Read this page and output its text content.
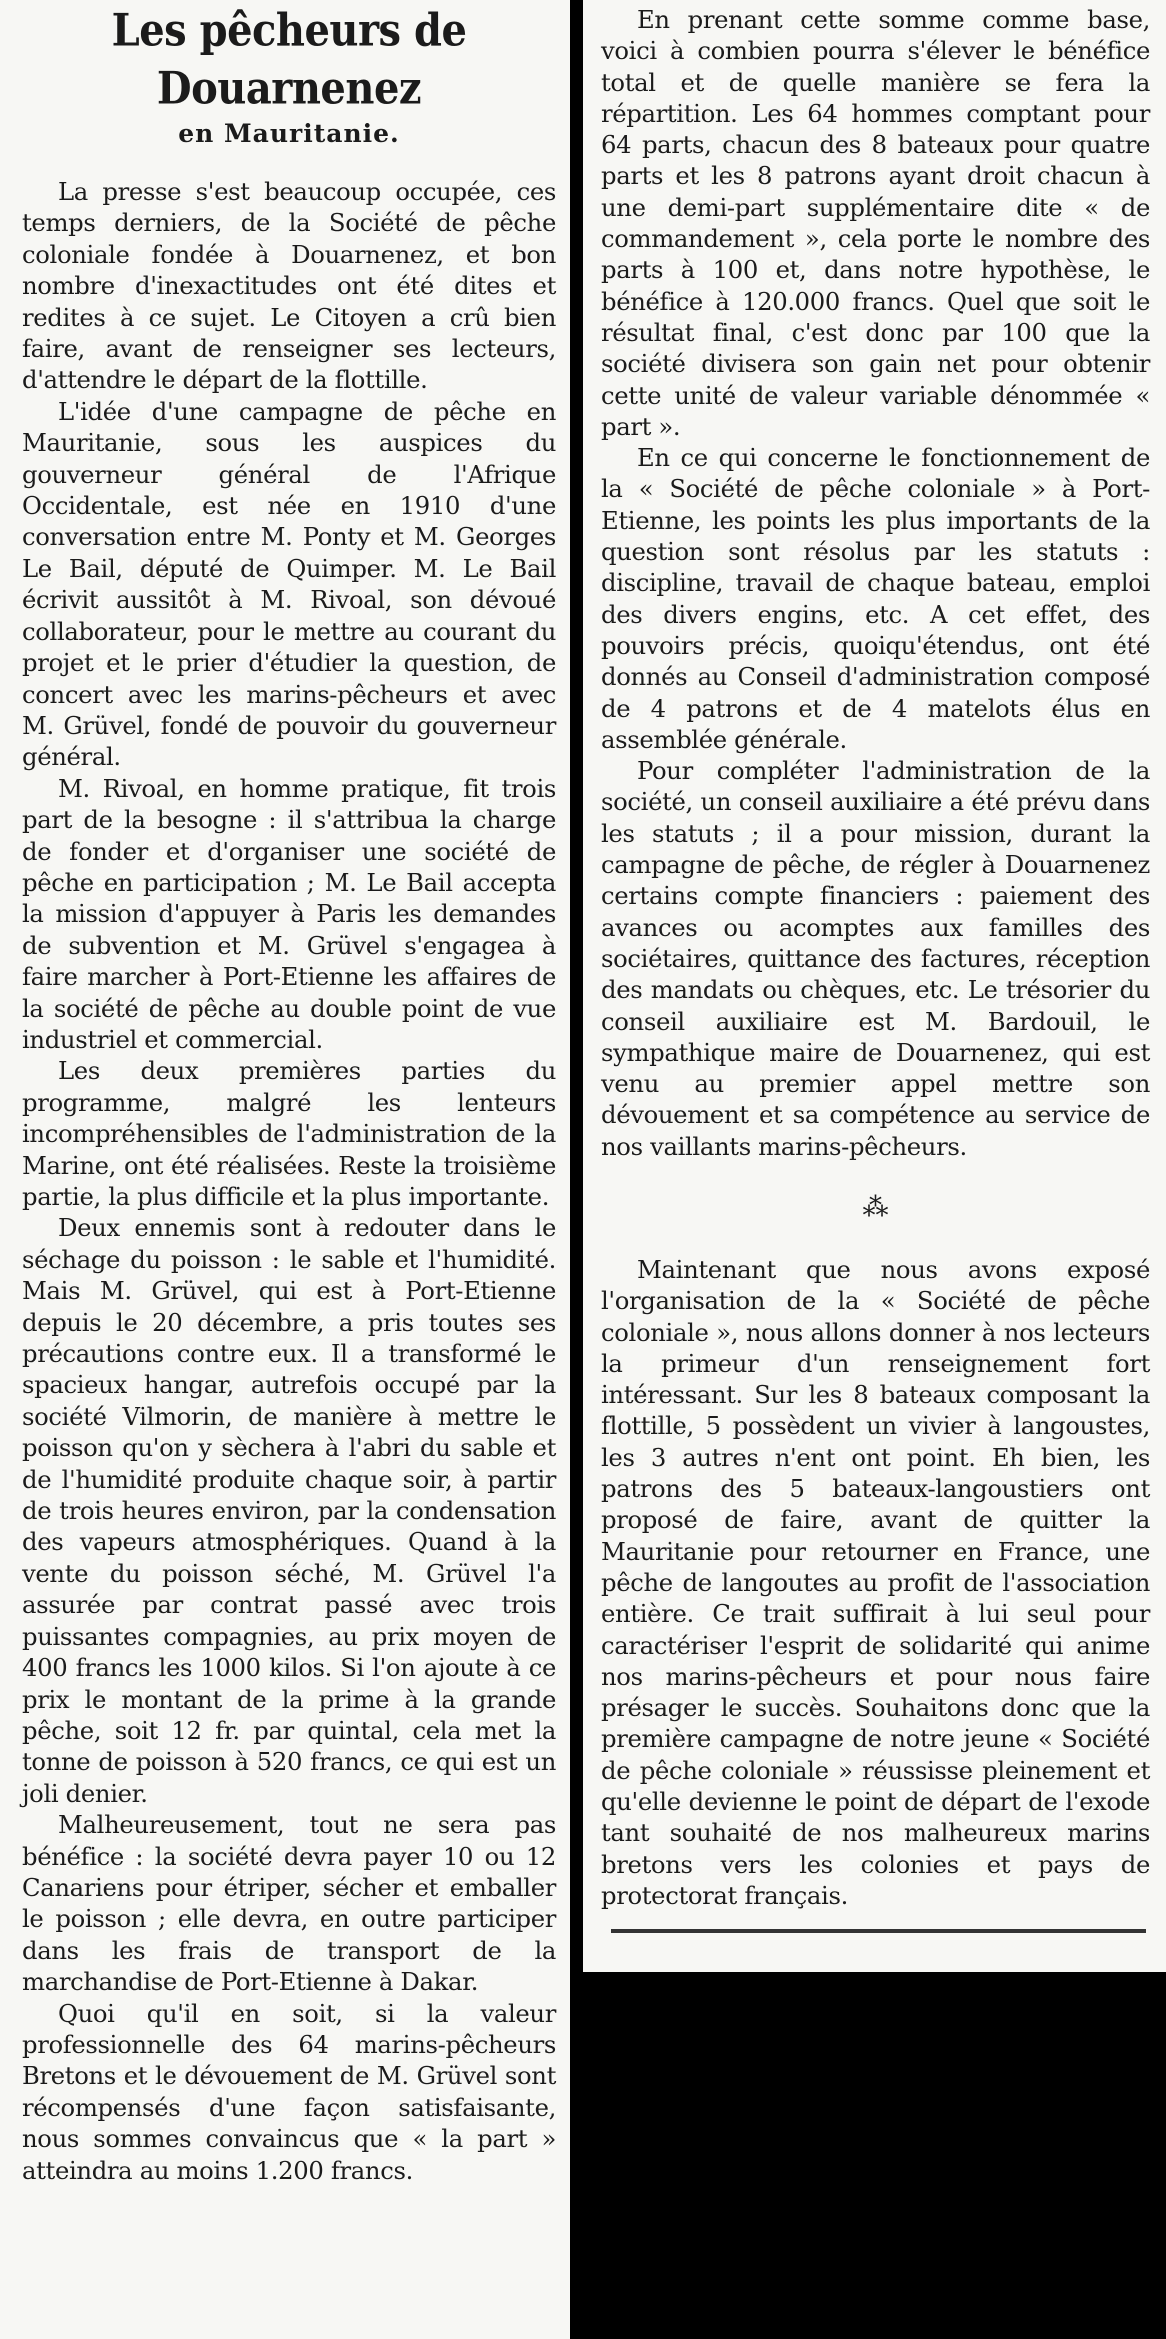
Les pêcheurs de Douarnenez
en Mauritanie.

La presse s'est beaucoup occupée, ces temps derniers, de la Société de pêche coloniale fondée à Douarnenez, et bon nombre d'inexactitudes ont été dites et redites à ce sujet. Le Citoyen a crû bien faire, avant de renseigner ses lecteurs, d'attendre le départ de la flottille.

L'idée d'une campagne de pêche en Mauritanie, sous les auspices du gouverneur général de l'Afrique Occidentale, est née en 1910 d'une conversation entre M. Ponty et M. Georges Le Bail, député de Quimper. M. Le Bail écrivit aussitôt à M. Rivoal, son dévoué collaborateur, pour le mettre au courant du projet et le prier d'étudier la question, de concert avec les marins-pêcheurs et avec M. Grüvel, fondé de pouvoir du gouverneur général.

M. Rivoal, en homme pratique, fit trois part de la besogne : il s'attribua la charge de fonder et d'organiser une société de pêche en participation ; M. Le Bail accepta la mission d'appuyer à Paris les demandes de subvention et M. Grüvel s'engagea à faire marcher à Port-Etienne les affaires de la société de pêche au double point de vue industriel et commercial.

Les deux premières parties du programme, malgré les lenteurs incompréhensibles de l'administration de la Marine, ont été réalisées. Reste la troisième partie, la plus difficile et la plus importante.

Deux ennemis sont à redouter dans le séchage du poisson : le sable et l'humidité. Mais M. Grüvel, qui est à Port-Etienne depuis le 20 décembre, a pris toutes ses précautions contre eux. Il a transformé le spacieux hangar, autrefois occupé par la société Vilmorin, de manière à mettre le poisson qu'on y sèchera à l'abri du sable et de l'humidité produite chaque soir, à partir de trois heures environ, par la condensation des vapeurs atmosphériques. Quand à la vente du poisson séché, M. Grüvel l'a assurée par contrat passé avec trois puissantes compagnies, au prix moyen de 400 francs les 1000 kilos. Si l'on ajoute à ce prix le montant de la prime à la grande pêche, soit 12 fr. par quintal, cela met la tonne de poisson à 520 francs, ce qui est un joli denier.

Malheureusement, tout ne sera pas bénéfice : la société devra payer 10 ou 12 Canariens pour étriper, sécher et emballer le poisson ; elle devra, en outre participer dans les frais de transport de la marchandise de Port-Etienne à Dakar.

Quoi qu'il en soit, si la valeur professionnelle des 64 marins-pêcheurs Bretons et le dévouement de M. Grüvel sont récompensés d'une façon satisfaisante, nous sommes convaincus que « la part » atteindra au moins 1.200 francs.

En prenant cette somme comme base, voici à combien pourra s'élever le bénéfice total et de quelle manière se fera la répartition. Les 64 hommes comptant pour 64 parts, chacun des 8 bateaux pour quatre parts et les 8 patrons ayant droit chacun à une demi-part supplémentaire dite « de commandement », cela porte le nombre des parts à 100 et, dans notre hypothèse, le bénéfice à 120.000 francs. Quel que soit le résultat final, c'est donc par 100 que la société divisera son gain net pour obtenir cette unité de valeur variable dénommée « part ».

En ce qui concerne le fonctionnement de la « Société de pêche coloniale » à Port-Etienne, les points les plus importants de la question sont résolus par les statuts : discipline, travail de chaque bateau, emploi des divers engins, etc. A cet effet, des pouvoirs précis, quoiqu'étendus, ont été donnés au Conseil d'administration composé de 4 patrons et de 4 matelots élus en assemblée générale.

Pour compléter l'administration de la société, un conseil auxiliaire a été prévu dans les statuts ; il a pour mission, durant la campagne de pêche, de régler à Douarnenez certains compte financiers : paiement des avances ou acomptes aux familles des sociétaires, quittance des factures, réception des mandats ou chèques, etc. Le trésorier du conseil auxiliaire est M. Bardouil, le sympathique maire de Douarnenez, qui est venu au premier appel mettre son dévouement et sa compétence au service de nos vaillants marins-pêcheurs.

⁂

Maintenant que nous avons exposé l'organisation de la « Société de pêche coloniale », nous allons donner à nos lecteurs la primeur d'un renseignement fort intéressant. Sur les 8 bateaux composant la flottille, 5 possèdent un vivier à langoustes, les 3 autres n'ent ont point. Eh bien, les patrons des 5 bateaux-langoustiers ont proposé de faire, avant de quitter la Mauritanie pour retourner en France, une pêche de langoutes au profit de l'association entière. Ce trait suffirait à lui seul pour caractériser l'esprit de solidarité qui anime nos marins-pêcheurs et pour nous faire présager le succès. Souhaitons donc que la première campagne de notre jeune « Société de pêche coloniale » réussisse pleinement et qu'elle devienne le point de départ de l'exode tant souhaité de nos malheureux marins bretons vers les colonies et pays de protectorat français.
